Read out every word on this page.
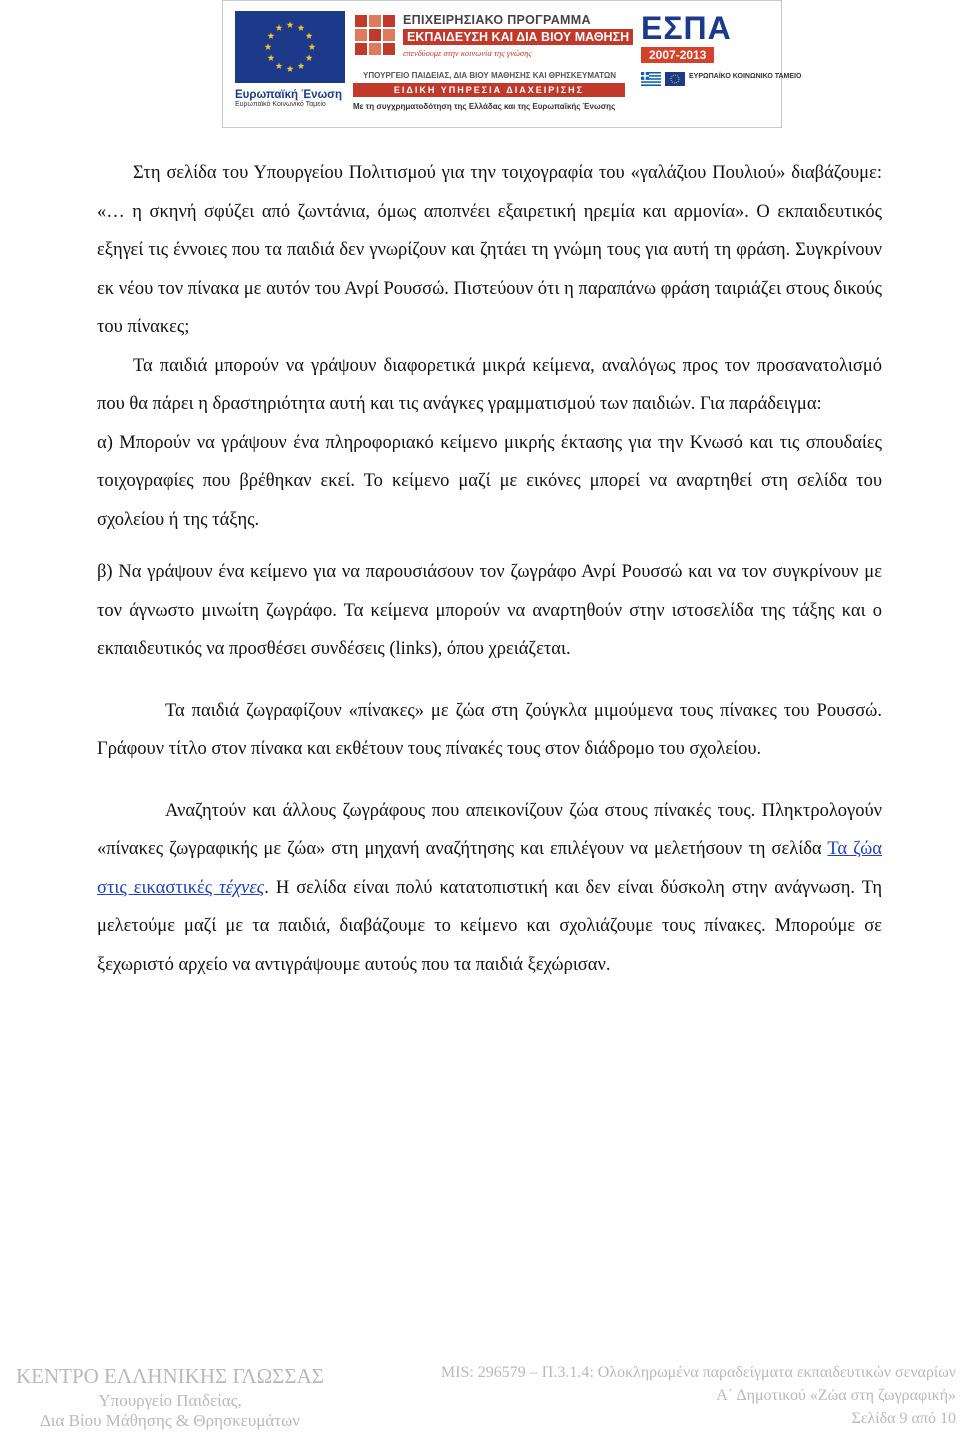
Ευρωπαϊκή Ένωση
Ευρωπαϊκό Κοινωνικό Ταμείο
ΕΠΙΧΕΙΡΗΣΙΑΚΟ ΠΡΟΓΡΑΜΜΑ
ΕΚΠΑΙΔΕΥΣΗ ΚΑΙ ΔΙΑ ΒΙΟΥ ΜΑΘΗΣΗ
επενδύουμε στην κοινωνία της γνώσης
ΥΠΟΥΡΓΕΙΟ ΠΑΙΔΕΙΑΣ, ΔΙΑ ΒΙΟΥ ΜΑΘΗΣΗΣ ΚΑΙ ΘΡΗΣΚΕΥΜΑΤΩΝ
ΕΙΔΙΚΗ ΥΠΗΡΕΣΙΑ ΔΙΑΧΕΙΡΙΣΗΣ
Με τη συγχρηματοδότηση της Ελλάδας και της Ευρωπαϊκής Ένωσης
ΕΣΠΑ
2007-2013
ΕΥΡΩΠΑΪΚΟ ΚΟΙΝΩΝΙΚΟ ΤΑΜΕΙΟ

Στη σελίδα του Υπουργείου Πολιτισμού για την τοιχογραφία του «γαλάζιου Πουλιού» διαβάζουμε: «… η σκηνή σφύζει από ζωντάνια, όμως αποπνέει εξαιρετική ηρεμία και αρμονία». Ο εκπαιδευτικός εξηγεί τις έννοιες που τα παιδιά δεν γνωρίζουν και ζητάει τη γνώμη τους για αυτή τη φράση. Συγκρίνουν εκ νέου τον πίνακα με αυτόν του Ανρί Ρουσσώ. Πιστεύουν ότι η παραπάνω φράση ταιριάζει στους δικούς του πίνακες;

Τα παιδιά μπορούν να γράψουν διαφορετικά μικρά κείμενα, αναλόγως προς τον προσανατολισμό που θα πάρει η δραστηριότητα αυτή και τις ανάγκες γραμματισμού των παιδιών. Για παράδειγμα:

α) Μπορούν να γράψουν ένα πληροφοριακό κείμενο μικρής έκτασης για την Κνωσό και τις σπουδαίες τοιχογραφίες που βρέθηκαν εκεί. Το κείμενο μαζί με εικόνες μπορεί να αναρτηθεί στη σελίδα του σχολείου ή της τάξης.

β) Να γράψουν ένα κείμενο για να παρουσιάσουν τον ζωγράφο Ανρί Ρουσσώ και να τον συγκρίνουν με τον άγνωστο μινωίτη ζωγράφο. Τα κείμενα μπορούν να αναρτηθούν στην ιστοσελίδα της τάξης και ο εκπαιδευτικός να προσθέσει συνδέσεις (links), όπου χρειάζεται.

Τα παιδιά ζωγραφίζουν «πίνακες» με ζώα στη ζούγκλα μιμούμενα τους πίνακες του Ρουσσώ. Γράφουν τίτλο στον πίνακα και εκθέτουν τους πίνακές τους στον διάδρομο του σχολείου.

Αναζητούν και άλλους ζωγράφους που απεικονίζουν ζώα στους πίνακές τους. Πληκτρολογούν «πίνακες ζωγραφικής με ζώα» στη μηχανή αναζήτησης και επιλέγουν να μελετήσουν τη σελίδα Τα ζώα στις εικαστικές τέχνες. Η σελίδα είναι πολύ κατατοπιστική και δεν είναι δύσκολη στην ανάγνωση. Τη μελετούμε μαζί με τα παιδιά, διαβάζουμε το κείμενο και σχολιάζουμε τους πίνακες. Μπορούμε σε ξεχωριστό αρχείο να αντιγράψουμε αυτούς που τα παιδιά ξεχώρισαν.

ΚΕΝΤΡΟ ΕΛΛΗΝΙΚΗΣ ΓΛΩΣΣΑΣ
Υπουργείο Παιδείας,
Δια Βίου Μάθησης & Θρησκευμάτων
MIS: 296579 – Π.3.1.4: Ολοκληρωμένα παραδείγματα εκπαιδευτικών σεναρίων
Α΄ Δημοτικού «Ζώα στη ζωγραφική»
Σελίδα 9 από 10
